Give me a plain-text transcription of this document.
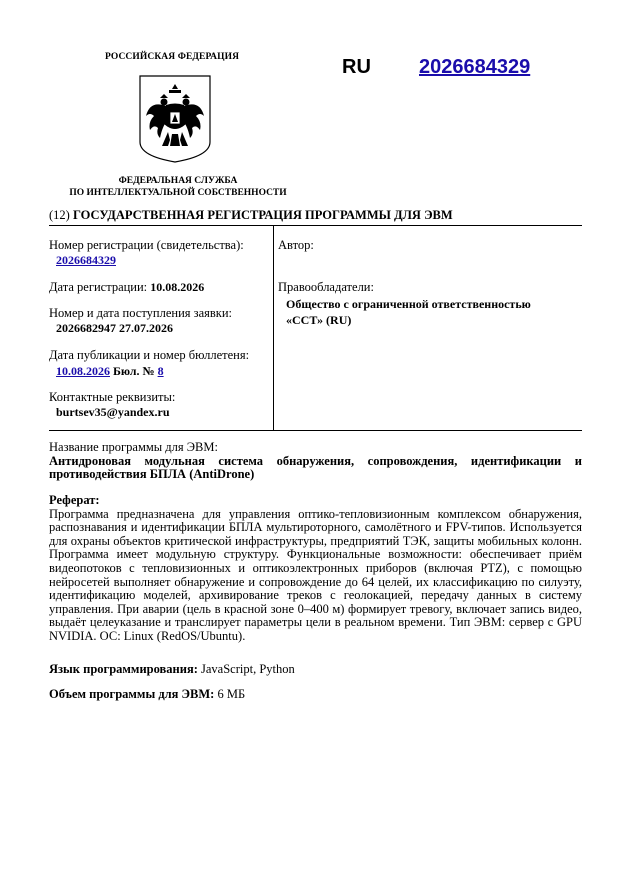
РОССИЙСКАЯ ФЕДЕРАЦИЯ
ФЕДЕРАЛЬНАЯ СЛУЖБА
ПО ИНТЕЛЛЕКТУАЛЬНОЙ СОБСТВЕННОСТИ
RU 2026684329
(12) ГОСУДАРСТВЕННАЯ РЕГИСТРАЦИЯ ПРОГРАММЫ ДЛЯ ЭВМ
Номер регистрации (свидетельства):
2026684329
Дата регистрации: 10.08.2026
Номер и дата поступления заявки:
2026682947 27.07.2026
Дата публикации и номер бюллетеня:
10.08.2026 Бюл. № 8
Контактные реквизиты:
burtsev35@yandex.ru
Автор:
Правообладатели:
Общество с ограниченной ответственностью
«ССТ» (RU)
Название программы для ЭВМ:
Антидроновая модульная система обнаружения, сопровождения, идентификации и противодействия БПЛА (AntiDrone)
Реферат:
Программа предназначена для управления оптико-тепловизионным комплексом обнаружения, распознавания и идентификации БПЛА мультироторного, самолётного и FPV-типов. Используется для охраны объектов критической инфраструктуры, предприятий ТЭК, защиты мобильных колонн. Программа имеет модульную структуру. Функциональные возможности: обеспечивает приём видеопотоков с тепловизионных и оптикоэлектронных приборов (включая PTZ), с помощью нейросетей выполняет обнаружение и сопровождение до 64 целей, их классификацию по силуэту, идентификацию моделей, архивирование треков с геолокацией, передачу данных в систему управления. При аварии (цель в красной зоне 0–400 м) формирует тревогу, включает запись видео, выдаёт целеуказание и транслирует параметры цели в реальном времени. Тип ЭВМ: сервер с GPU NVIDIA. ОС: Linux (RedOS/Ubuntu).
Язык программирования: JavaScript, Python
Объем программы для ЭВМ: 6 МБ
